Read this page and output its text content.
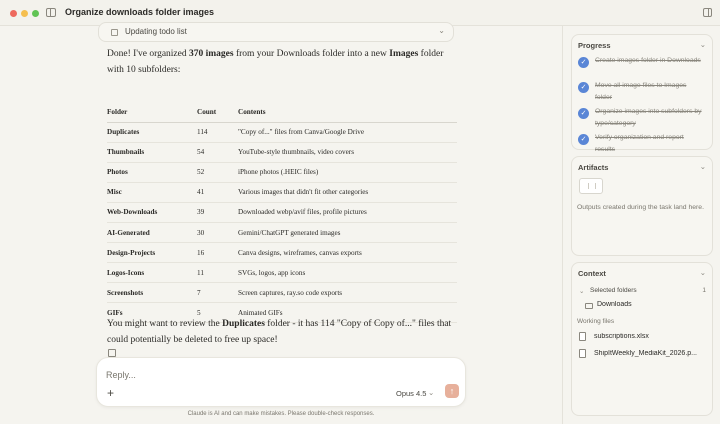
Organize downloads folder images
Updating todo list	⌄
Done! I've organized 370 images from your Downloads folder into a new Images folder with 10 subfolders:
Folder	Count	Contents
Duplicates	114	"Copy of..." files from Canva/Google Drive
Thumbnails	54	YouTube-style thumbnails, video covers
Photos	52	iPhone photos (.HEIC files)
Misc	41	Various images that didn't fit other categories
Web-Downloads	39	Downloaded webp/avif files, profile pictures
AI-Generated	30	Gemini/ChatGPT generated images
Design-Projects	16	Canva designs, wireframes, canvas exports
Logos-Icons	11	SVGs, logos, app icons
Screenshots	7	Screen captures, ray.so code exports
GIFs	5	Animated GIFs
You might want to review the Duplicates folder - it has 114 "Copy of Copy of..." files that could potentially be deleted to free up space!
Reply...
+	Opus 4.5 ⌄	↑
Claude is AI and can make mistakes. Please double-check responses.
Progress	⌄
✓	Create images folder in Downloads
✓	Move all image files to Images folder
✓	Organize images into subfolders by type/category
✓	Verify organization and report results
Artifacts	⌄
Outputs created during the task land here.
Context	⌄
⌄ Selected folders	1
Downloads
Working files
subscriptions.xlsx
ShipItWeekly_MediaKit_2026.p...
